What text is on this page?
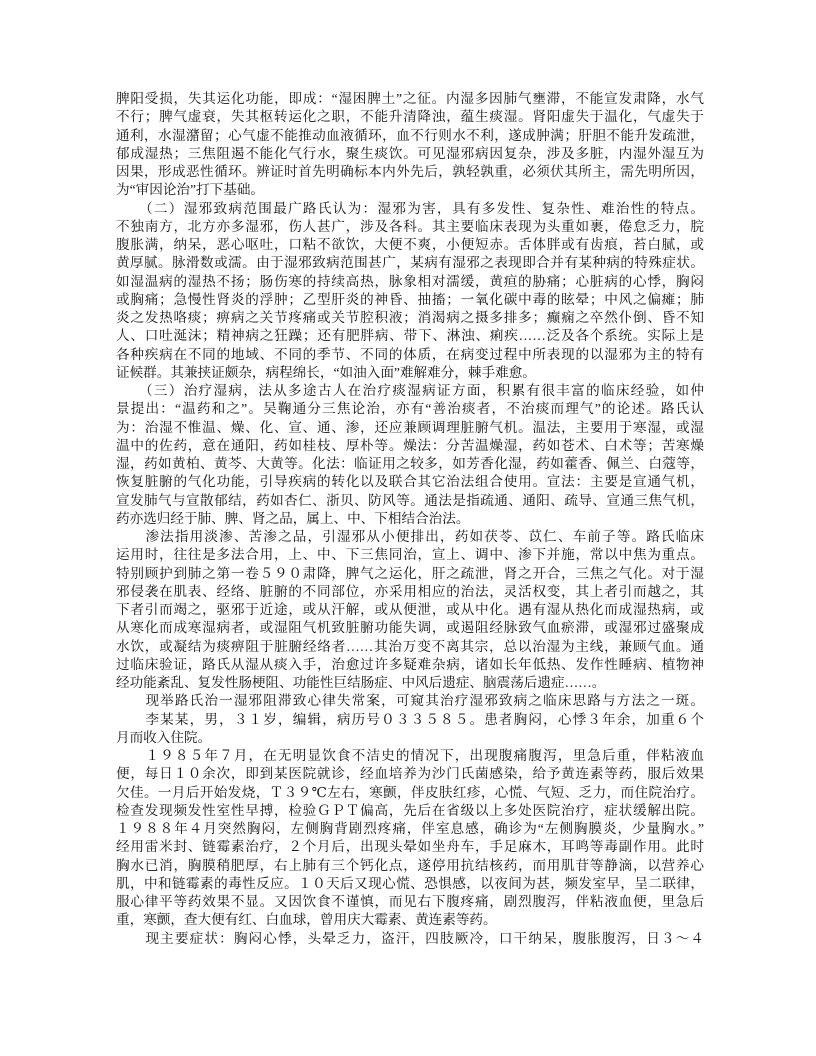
脾阳受损，失其运化功能，即成：“湿困脾土”之征。内湿多因肺气壅滞，不能宣发肃降，水气
不行；脾气虚衰，失其枢转运化之职，不能升清降浊，蕴生痰湿。肾阳虚失于温化，气虚失于
通利，水湿潴留；心气虚不能推动血液循环，血不行则水不利，遂成肿满；肝胆不能升发疏泄，
郁成湿热；三焦阻遏不能化气行水，聚生痰饮。可见湿邪病因复杂，涉及多脏，内湿外湿互为
因果，形成恶性循环。辨证时首先明确标本内外先后，孰轻孰重，必须伏其所主，需先明所因，
为“审因论治”打下基础。
　　（二）湿邪致病范围最广路氏认为：湿邪为害，具有多发性、复杂性、难治性的特点。
不独南方，北方亦多湿邪，伤人甚广，涉及各科。其主要临床表现为头重如裹，倦怠乏力，脘
腹胀满，纳呆，恶心呕吐，口粘不欲饮，大便不爽，小便短赤。舌体胖或有齿痕，苔白腻，或
黄厚腻。脉滑数或濡。由于湿邪致病范围甚广，某病有湿邪之表现即合并有某种病的特殊症状。
如湿温病的湿热不扬；肠伤寒的持续高热，脉象相对濡缓，黄疸的胁痛；心脏病的心悸，胸闷
或胸痛；急慢性肾炎的浮肿；乙型肝炎的神昏、抽搐；一氧化碳中毒的眩晕；中风之偏瘫；肺
炎之发热咯痰；痹病之关节疼痛或关节腔积液；消渴病之摄多排多；癫痫之卒然仆倒、昏不知
人、口吐涎沫；精神病之狂躁；还有肥胖病、带下、淋浊、痢疾……泛及各个系统。实际上是
各种疾病在不同的地域、不同的季节、不同的体质，在病变过程中所表现的以湿邪为主的特有
证候群。其兼挟证颇杂，病程绵长，“如油入面”难解难分，棘手难愈。
　　（三）治疗湿病，法从多途古人在治疗痰湿病证方面，积累有很丰富的临床经验，如仲
景提出：“温药和之”。吴鞠通分三焦论治，亦有“善治痰者，不治痰而理气”的论述。路氏认
为：治湿不惟温、燥、化、宣、通、渗，还应兼顾调理脏腑气机。温法，主要用于寒湿，或湿
温中的佐药，意在通阳，药如桂枝、厚朴等。燥法：分苦温燥湿，药如苍术、白术等；苦寒燥
湿，药如黄柏、黄芩、大黄等。化法：临证用之较多，如芳香化湿，药如藿香、佩兰、白蔻等，
恢复脏腑的气化功能，引导疾病的转化以及联合其它治法组合使用。宣法：主要是宣通气机，
宣发肺气与宣散郁结，药如杏仁、浙贝、防风等。通法是指疏通、通阳、疏导、宣通三焦气机，
药亦选归经于肺、脾、肾之品，属上、中、下相结合治法。
　　渗法指用淡渗、苦渗之品，引湿邪从小便排出，药如茯苓、苡仁、车前子等。路氏临床
运用时，往往是多法合用，上、中、下三焦同治，宣上、调中、渗下并施，常以中焦为重点。
特别顾护到肺之第一卷５９０肃降，脾气之运化，肝之疏泄，肾之开合，三焦之气化。对于湿
邪侵袭在肌表、经络、脏腑的不同部位，亦采用相应的治法，灵活权变，其上者引而越之，其
下者引而竭之，驱邪于近途，或从汗解，或从便泄，或从中化。遇有湿从热化而成湿热病，或
从寒化而成寒湿病者，或湿阻气机致脏腑功能失调，或遏阻经脉致气血瘀滞，或湿邪过盛聚成
水饮，或凝结为痰痹阻于脏腑经络者……其治万变不离其宗，总以治湿为主线，兼顾气血。通
过临床验证，路氏从湿从痰入手，治愈过许多疑难杂病，诸如长年低热、发作性睡病、植物神
经功能紊乱、复发性肠梗阻、功能性巨结肠症、中风后遗症、脑震荡后遗症……。
　　现举路氏治一湿邪阻滞致心律失常案，可窥其治疗湿邪致病之临床思路与方法之一斑。
　　李某某，男，３１岁，编辑，病历号０３３５８５。患者胸闷，心悸３年余，加重６个
月而收入住院。
　　１９８５年７月，在无明显饮食不洁史的情况下，出现腹痛腹泻，里急后重，伴粘液血
便，每日１０余次，即到某医院就诊，经血培养为沙门氏菌感染，给予黄连素等药，服后效果
欠佳。一月后开始发烧，Ｔ３９℃左右，寒颤，伴皮肤红疹，心慌、气短、乏力，而住院治疗。
检查发现频发性室性早搏，检验ＧＰＴ偏高，先后在省级以上多处医院治疗，症状缓解出院。
１９８８年４月突然胸闷，左侧胸背剧烈疼痛，伴室息感，确诊为“左侧胸膜炎，少量胸水。”
经用雷米封、链霉素治疗，２个月后，出现头晕如坐舟车，手足麻木，耳鸣等毒副作用。此时
胸水已消，胸膜稍肥厚，右上肺有三个钙化点，遂停用抗结核药，而用肌苷等静滴，以营养心
肌，中和链霉素的毒性反应。１０天后又现心慌、恐惧感，以夜间为甚，频发室早，呈二联律，
服心律平等药效果不显。又因饮食不谨慎，而见右下腹疼痛，剧烈腹泻，伴粘液血便，里急后
重，寒颤，查大便有红、白血球，曾用庆大霉素、黄连素等药。
　　现主要症状：胸闷心悸，头晕乏力，盗汗，四肢厥冷，口干纳呆，腹胀腹泻，日３～４
